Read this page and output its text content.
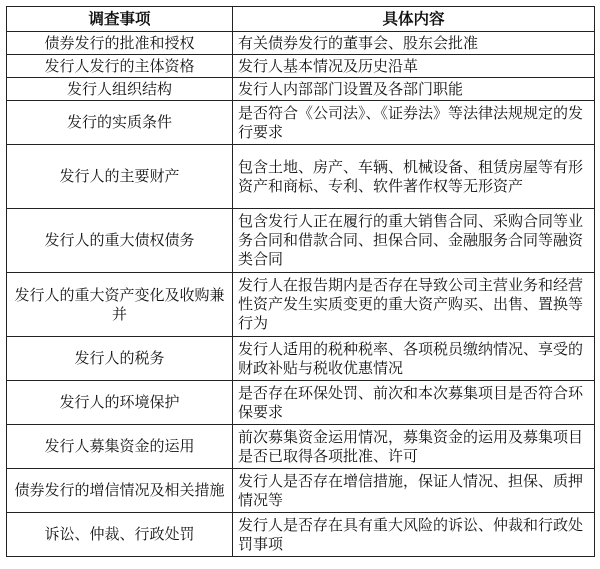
调查事项	具体内容
债券发行的批准和授权	有关债券发行的董事会、股东会批准
发行人发行的主体资格	发行人基本情况及历史沿革
发行人组织结构	发行人内部部门设置及各部门职能
发行的实质条件	是否符合《公司法》、《证券法》等法律法规规定的发行要求
发行人的主要财产	包含土地、房产、车辆、机械设备、租赁房屋等有形资产和商标、专利、软件著作权等无形资产
发行人的重大债权债务	包含发行人正在履行的重大销售合同、采购合同等业务合同和借款合同、担保合同、金融服务合同等融资类合同
发行人的重大资产变化及收购兼并	发行人在报告期内是否存在导致公司主营业务和经营性资产发生实质变更的重大资产购买、出售、置换等行为
发行人的税务	发行人适用的税种税率、各项税员缴纳情况、享受的财政补贴与税收优惠情况
发行人的环境保护	是否存在环保处罚、前次和本次募集项目是否符合环保要求
发行人募集资金的运用	前次募集资金运用情况，募集资金的运用及募集项目是否已取得各项批准、许可
债券发行的增信情况及相关措施	发行人是否存在增信措施，保证人情况、担保、质押情况等
诉讼、仲裁、行政处罚	发行人是否存在具有重大风险的诉讼、仲裁和行政处罚事项
